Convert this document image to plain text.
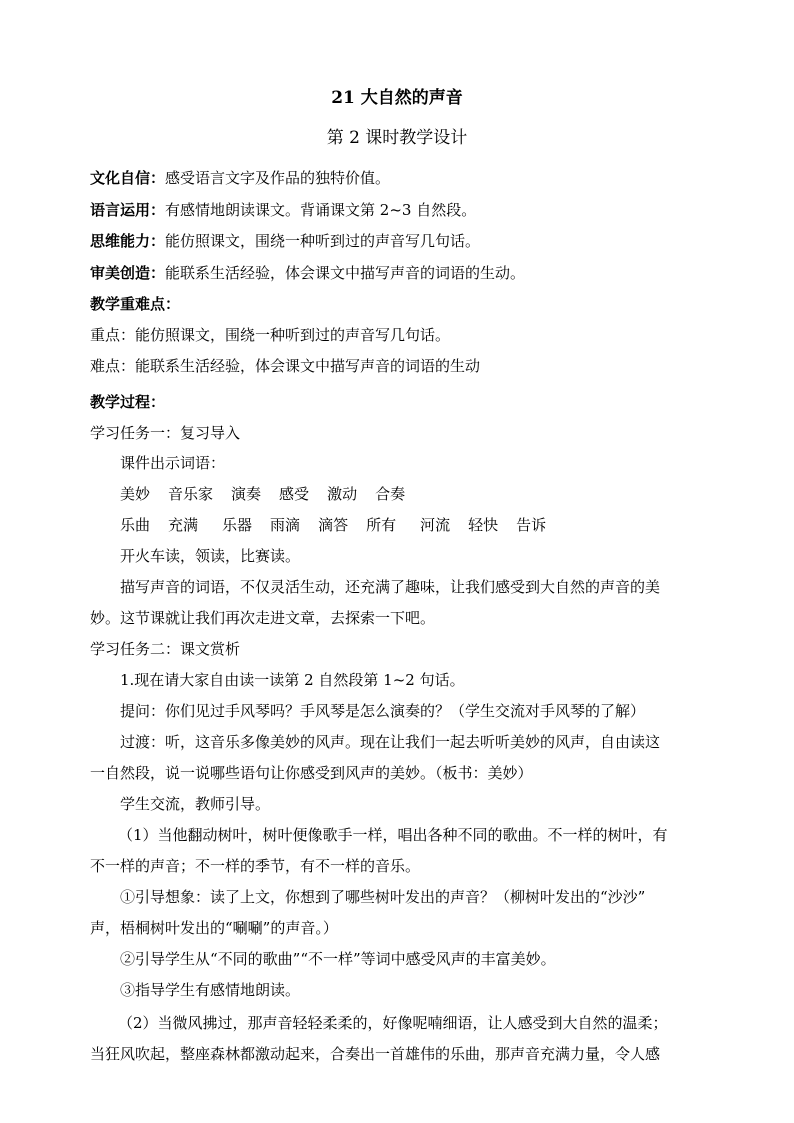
21 大自然的声音
第 2 课时教学设计
文化自信：感受语言文字及作品的独特价值。
语言运用：有感情地朗读课文。背诵课文第 2~3 自然段。
思维能力：能仿照课文，围绕一种听到过的声音写几句话。
审美创造：能联系生活经验，体会课文中描写声音的词语的生动。
教学重难点：
重点：能仿照课文，围绕一种听到过的声音写几句话。
难点：能联系生活经验，体会课文中描写声音的词语的生动
教学过程：
学习任务一：复习导入
课件出示词语：
美妙 音乐家 演奏 感受 激动 合奏
乐曲 充满 乐器 雨滴 滴答 所有 河流 轻快 告诉
开火车读，领读，比赛读。
描写声音的词语，不仅灵活生动，还充满了趣味，让我们感受到大自然的声音的美
妙。这节课就让我们再次走进文章，去探索一下吧。
学习任务二：课文赏析
1.现在请大家自由读一读第 2 自然段第 1~2 句话。
提问：你们见过手风琴吗？手风琴是怎么演奏的？（学生交流对手风琴的了解）
过渡：听，这音乐多像美妙的风声。现在让我们一起去听听美妙的风声，自由读这
一自然段，说一说哪些语句让你感受到风声的美妙。（板书：美妙）
学生交流，教师引导。
（1）当他翻动树叶，树叶便像歌手一样，唱出各种不同的歌曲。不一样的树叶，有
不一样的声音；不一样的季节，有不一样的音乐。
①引导想象：读了上文，你想到了哪些树叶发出的声音？（柳树叶发出的“沙沙”
声，梧桐树叶发出的“唰唰”的声音。）
②引导学生从“不同的歌曲”“不一样”等词中感受风声的丰富美妙。
③指导学生有感情地朗读。
（2）当微风拂过，那声音轻轻柔柔的，好像呢喃细语，让人感受到大自然的温柔；
当狂风吹起，整座森林都激动起来，合奏出一首雄伟的乐曲，那声音充满力量，令人感
